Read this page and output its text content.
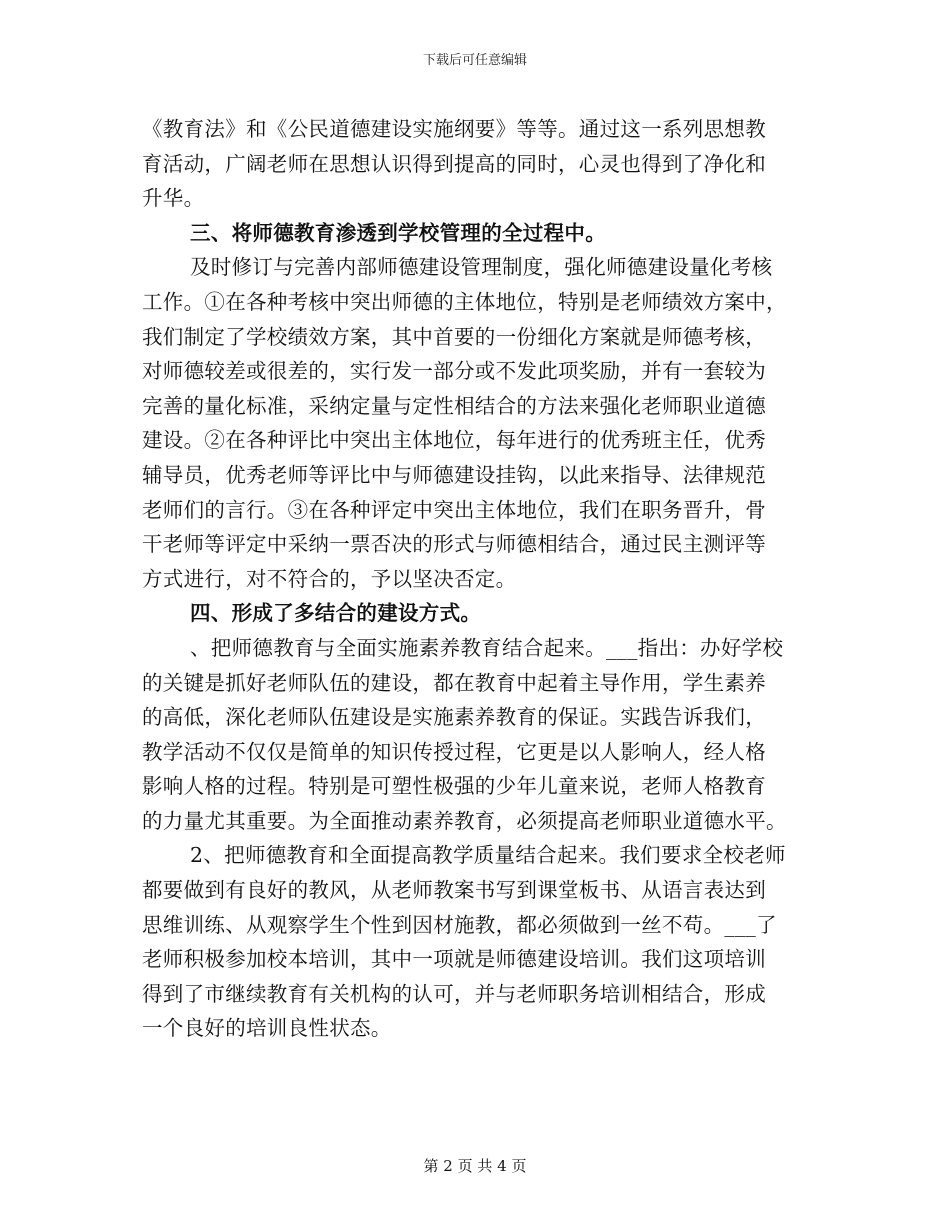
下载后可任意编辑
《教育法》和《公民道德建设实施纲要》等等。通过这一系列思想教
育活动，广阔老师在思想认识得到提高的同时，心灵也得到了净化和
升华。
三、将师德教育渗透到学校管理的全过程中。
及时修订与完善内部师德建设管理制度，强化师德建设量化考核
工作。①在各种考核中突出师德的主体地位，特别是老师绩效方案中，
我们制定了学校绩效方案，其中首要的一份细化方案就是师德考核，
对师德较差或很差的，实行发一部分或不发此项奖励，并有一套较为
完善的量化标准，采纳定量与定性相结合的方法来强化老师职业道德
建设。②在各种评比中突出主体地位，每年进行的优秀班主任，优秀
辅导员，优秀老师等评比中与师德建设挂钩，以此来指导、法律规范
老师们的言行。③在各种评定中突出主体地位，我们在职务晋升，骨
干老师等评定中采纳一票否决的形式与师德相结合，通过民主测评等
方式进行，对不符合的，予以坚决否定。
四、形成了多结合的建设方式。
、把师德教育与全面实施素养教育结合起来。___指出：办好学校
的关键是抓好老师队伍的建设，都在教育中起着主导作用，学生素养
的高低，深化老师队伍建设是实施素养教育的保证。实践告诉我们，
教学活动不仅仅是简单的知识传授过程，它更是以人影响人，经人格
影响人格的过程。特别是可塑性极强的少年儿童来说，老师人格教育
的力量尤其重要。为全面推动素养教育，必须提高老师职业道德水平。
2、把师德教育和全面提高教学质量结合起来。我们要求全校老师
都要做到有良好的教风，从老师教案书写到课堂板书、从语言表达到
思维训练、从观察学生个性到因材施教，都必须做到一丝不苟。___了
老师积极参加校本培训，其中一项就是师德建设培训。我们这项培训
得到了市继续教育有关机构的认可，并与老师职务培训相结合，形成
一个良好的培训良性状态。
第 2 页 共 4 页
